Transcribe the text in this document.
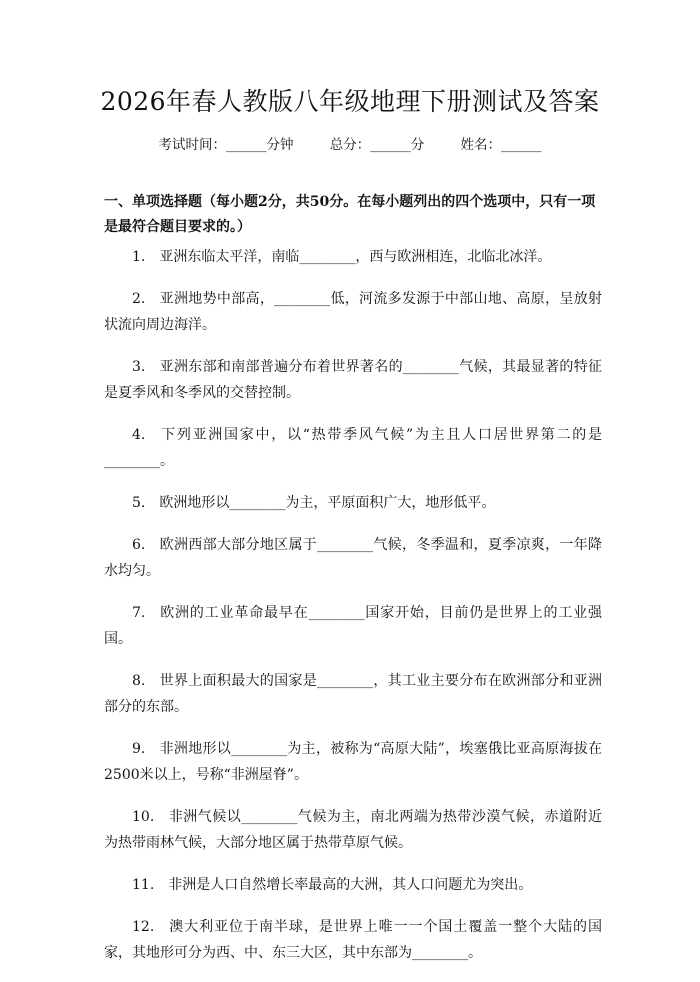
2026年春人教版八年级地理下册测试及答案
考试时间：______分钟	总分：______分	姓名：______

一、单项选择题（每小题2分，共50分。在每小题列出的四个选项中，只有一项是最符合题目要求的。）

1. 亚洲东临太平洋，南临________，西与欧洲相连，北临北冰洋。
2. 亚洲地势中部高，________低，河流多发源于中部山地、高原，呈放射状流向周边海洋。
3. 亚洲东部和南部普遍分布着世界著名的________气候，其最显著的特征是夏季风和冬季风的交替控制。
4. 下列亚洲国家中，以“热带季风气候”为主且人口居世界第二的是________。
5. 欧洲地形以________为主，平原面积广大，地形低平。
6. 欧洲西部大部分地区属于________气候，冬季温和，夏季凉爽，一年降水均匀。
7. 欧洲的工业革命最早在________国家开始，目前仍是世界上的工业强国。
8. 世界上面积最大的国家是________，其工业主要分布在欧洲部分和亚洲部分的东部。
9. 非洲地形以________为主，被称为“高原大陆”，埃塞俄比亚高原海拔在2500米以上，号称“非洲屋脊”。
10. 非洲气候以________气候为主，南北两端为热带沙漠气候，赤道附近为热带雨林气候，大部分地区属于热带草原气候。
11. 非洲是人口自然增长率最高的大洲，其人口问题尤为突出。
12. 澳大利亚位于南半球，是世界上唯一一个国土覆盖一整个大陆的国家，其地形可分为西、中、东三大区，其中东部为________。
